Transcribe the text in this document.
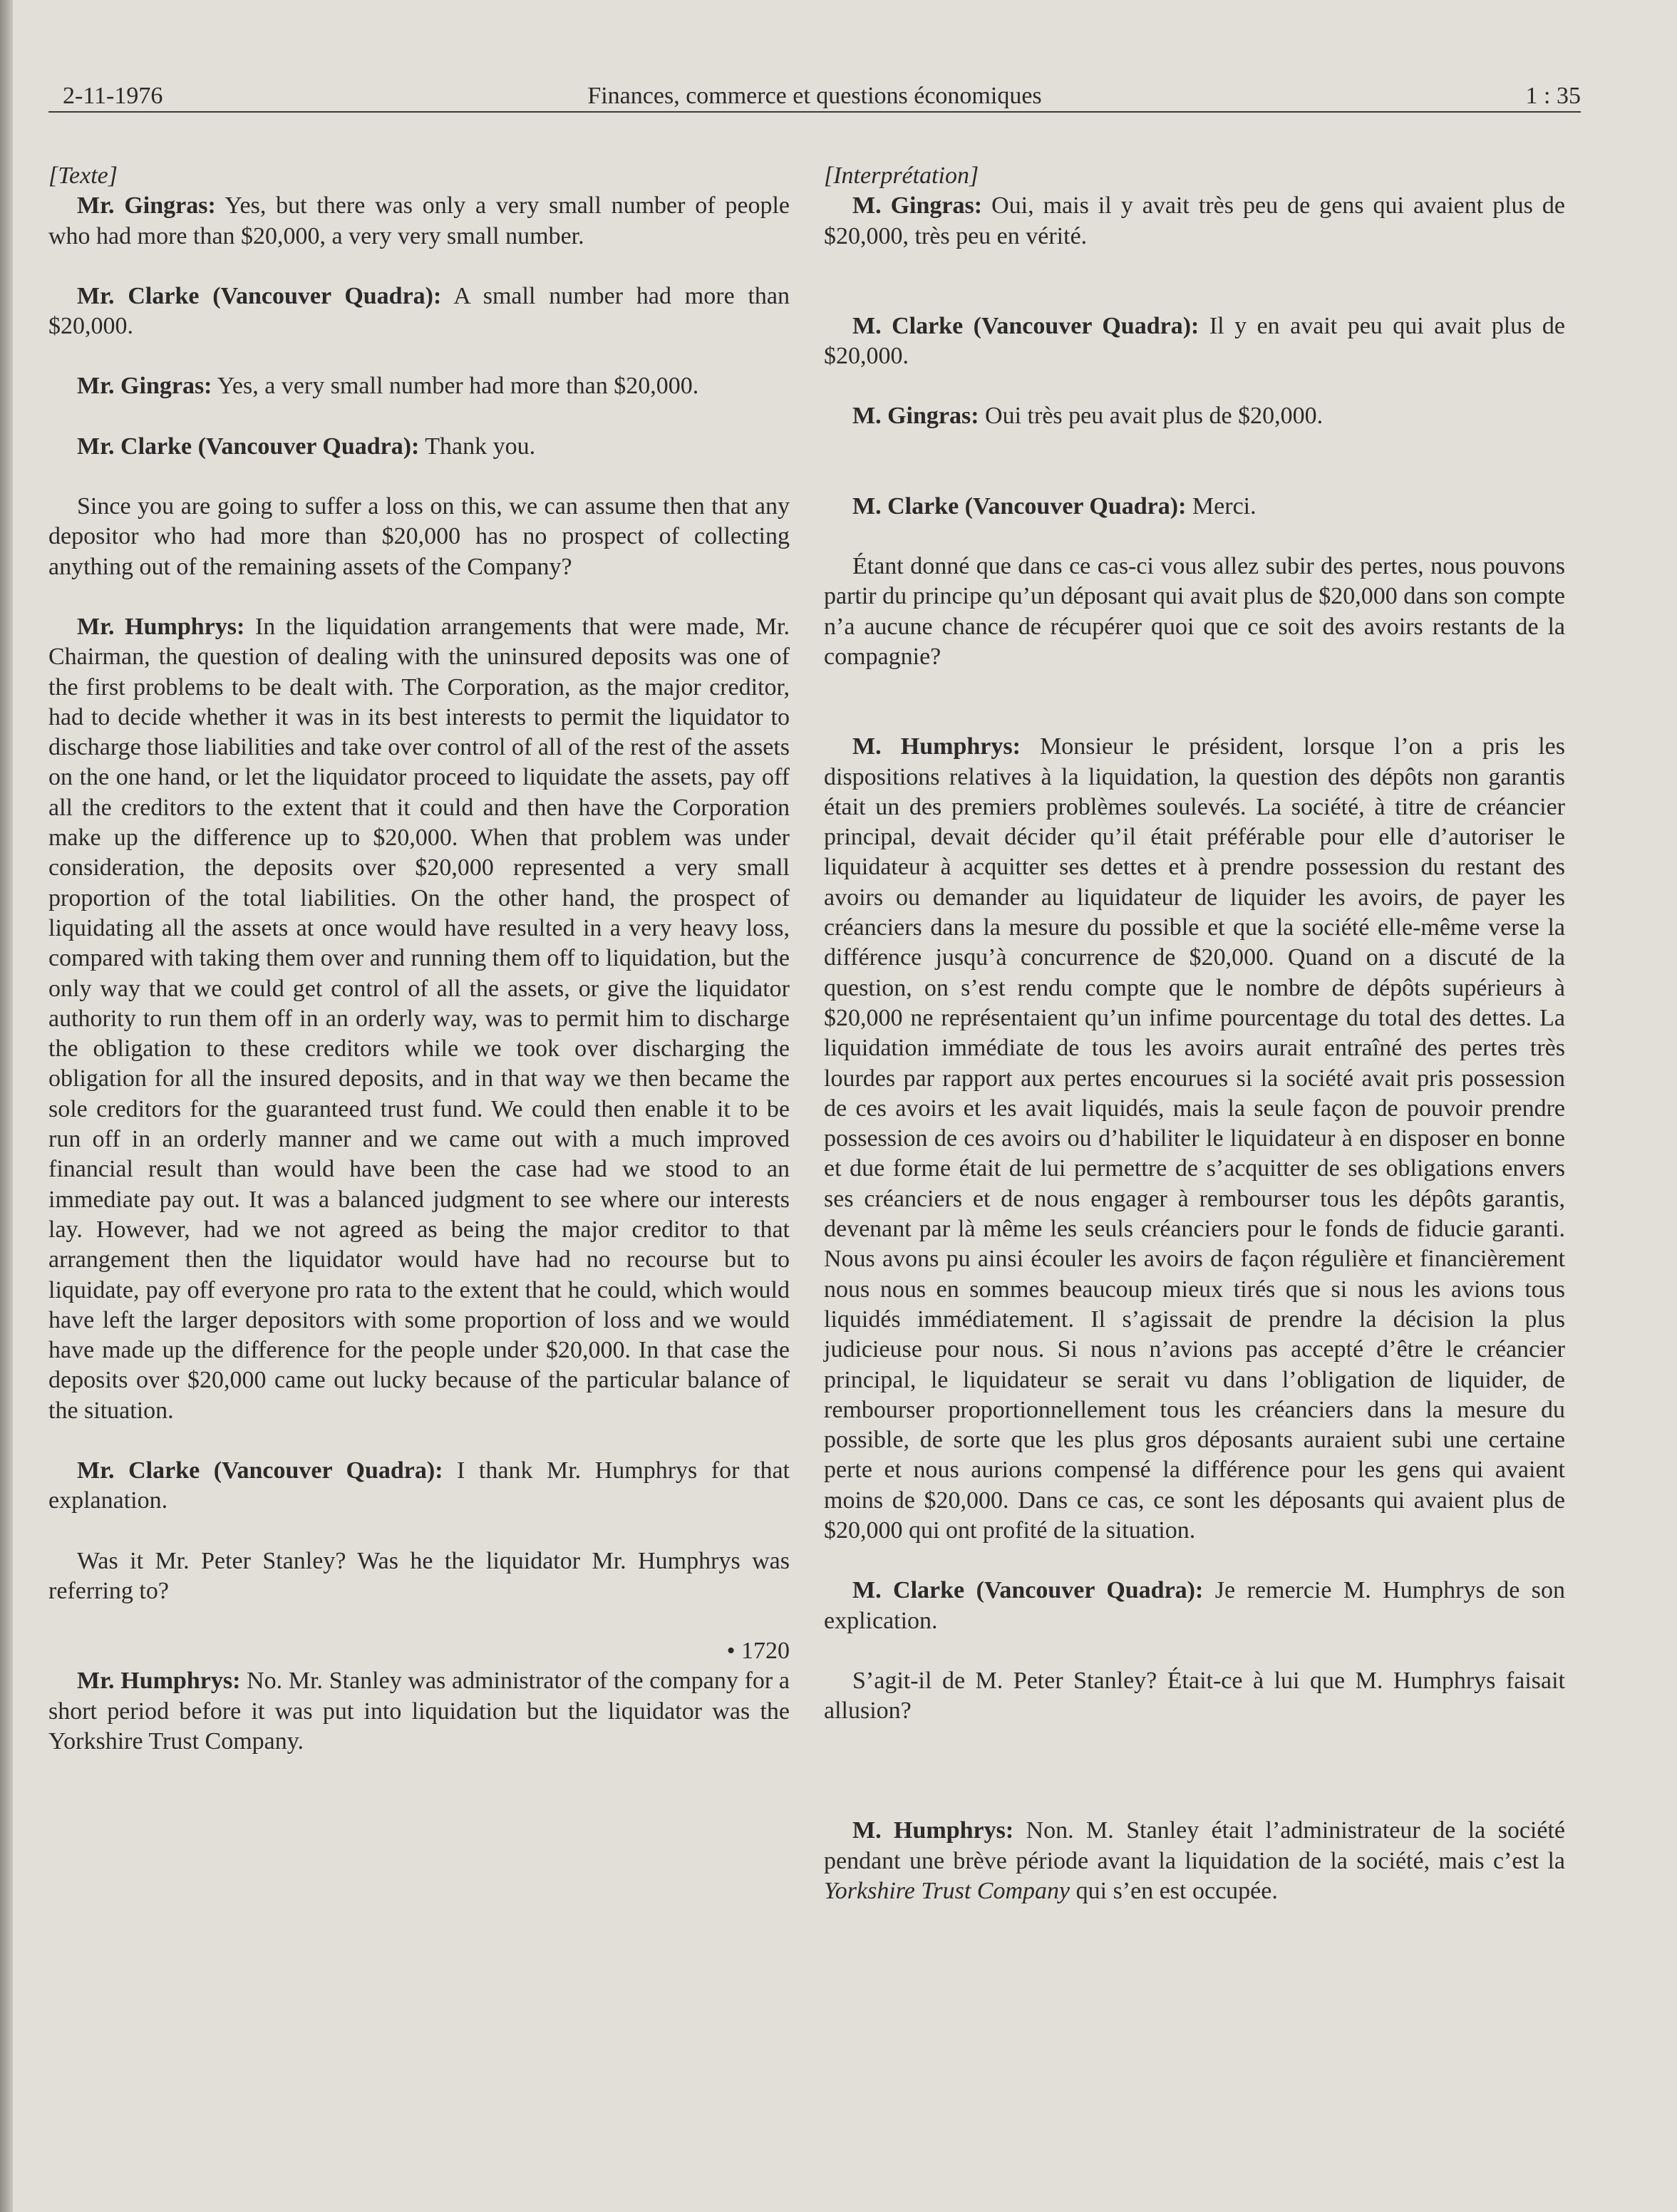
2-11-1976	Finances, commerce et questions économiques	1 : 35

[Texte]

Mr. Gingras: Yes, but there was only a very small number of people who had more than $20,000, a very very small number.

Mr. Clarke (Vancouver Quadra): A small number had more than $20,000.

Mr. Gingras: Yes, a very small number had more than $20,000.

Mr. Clarke (Vancouver Quadra): Thank you.

Since you are going to suffer a loss on this, we can assume then that any depositor who had more than $20,000 has no prospect of collecting anything out of the remaining assets of the Company?

Mr. Humphrys: In the liquidation arrangements that were made, Mr. Chairman, the question of dealing with the uninsured deposits was one of the first problems to be dealt with. The Corporation, as the major creditor, had to decide whether it was in its best interests to permit the liquidator to discharge those liabilities and take over control of all of the rest of the assets on the one hand, or let the liquidator proceed to liquidate the assets, pay off all the creditors to the extent that it could and then have the Corporation make up the difference up to $20,000. When that problem was under consideration, the deposits over $20,000 represented a very small proportion of the total liabilities. On the other hand, the prospect of liquidating all the assets at once would have resulted in a very heavy loss, compared with taking them over and running them off to liquidation, but the only way that we could get control of all the assets, or give the liquidator authority to run them off in an orderly way, was to permit him to discharge the obligation to these creditors while we took over discharging the obligation for all the insured deposits, and in that way we then became the sole creditors for the guaranteed trust fund. We could then enable it to be run off in an orderly manner and we came out with a much improved financial result than would have been the case had we stood to an immediate pay out. It was a balanced judgment to see where our interests lay. However, had we not agreed as being the major creditor to that arrangement then the liquidator would have had no recourse but to liquidate, pay off everyone pro rata to the extent that he could, which would have left the larger depositors with some proportion of loss and we would have made up the difference for the people under $20,000. In that case the deposits over $20,000 came out lucky because of the particular balance of the situation.

Mr. Clarke (Vancouver Quadra): I thank Mr. Humphrys for that explanation.

Was it Mr. Peter Stanley? Was he the liquidator Mr. Humphrys was referring to?

• 1720

Mr. Humphrys: No. Mr. Stanley was administrator of the company for a short period before it was put into liquidation but the liquidator was the Yorkshire Trust Company.

[Interprétation]

M. Gingras: Oui, mais il y avait très peu de gens qui avaient plus de $20,000, très peu en vérité.

M. Clarke (Vancouver Quadra): Il y en avait peu qui avait plus de $20,000.

M. Gingras: Oui très peu avait plus de $20,000.

M. Clarke (Vancouver Quadra): Merci.

Étant donné que dans ce cas-ci vous allez subir des pertes, nous pouvons partir du principe qu’un déposant qui avait plus de $20,000 dans son compte n’a aucune chance de récupérer quoi que ce soit des avoirs restants de la compagnie?

M. Humphrys: Monsieur le président, lorsque l’on a pris les dispositions relatives à la liquidation, la question des dépôts non garantis était un des premiers problèmes soulevés. La société, à titre de créancier principal, devait décider qu’il était préférable pour elle d’autoriser le liquidateur à acquitter ses dettes et à prendre possession du restant des avoirs ou demander au liquidateur de liquider les avoirs, de payer les créanciers dans la mesure du possible et que la société elle-même verse la différence jusqu’à concurrence de $20,000. Quand on a discuté de la question, on s’est rendu compte que le nombre de dépôts supérieurs à $20,000 ne représentaient qu’un infime pourcentage du total des dettes. La liquidation immédiate de tous les avoirs aurait entraîné des pertes très lourdes par rapport aux pertes encourues si la société avait pris possession de ces avoirs et les avait liquidés, mais la seule façon de pouvoir prendre possession de ces avoirs ou d’habiliter le liquidateur à en disposer en bonne et due forme était de lui permettre de s’acquitter de ses obligations envers ses créanciers et de nous engager à rembourser tous les dépôts garantis, devenant par là même les seuls créanciers pour le fonds de fiducie garanti. Nous avons pu ainsi écouler les avoirs de façon régulière et financièrement nous nous en sommes beaucoup mieux tirés que si nous les avions tous liquidés immédiatement. Il s’agissait de prendre la décision la plus judicieuse pour nous. Si nous n’avions pas accepté d’être le créancier principal, le liquidateur se serait vu dans l’obligation de liquider, de rembourser proportionnellement tous les créanciers dans la mesure du possible, de sorte que les plus gros déposants auraient subi une certaine perte et nous aurions compensé la différence pour les gens qui avaient moins de $20,000. Dans ce cas, ce sont les déposants qui avaient plus de $20,000 qui ont profité de la situation.

M. Clarke (Vancouver Quadra): Je remercie M. Humphrys de son explication.

S’agit-il de M. Peter Stanley? Était-ce à lui que M. Humphrys faisait allusion?

M. Humphrys: Non. M. Stanley était l’administrateur de la société pendant une brève période avant la liquidation de la société, mais c’est la Yorkshire Trust Company qui s’en est occupée.
